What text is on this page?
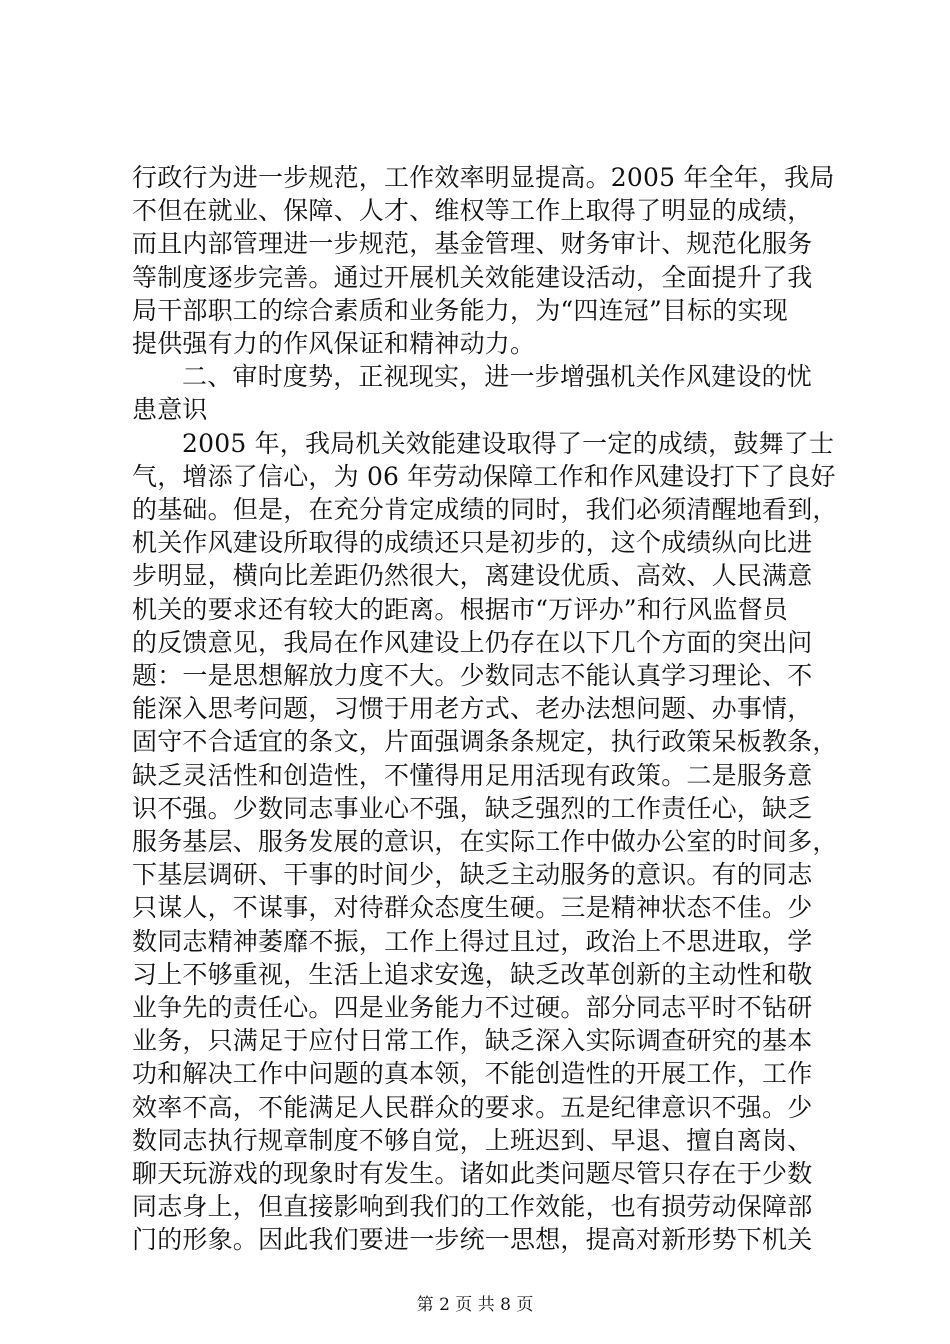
行政行为进一步规范，工作效率明显提高。2005 年全年，我局
不但在就业、保障、人才、维权等工作上取得了明显的成绩，
而且内部管理进一步规范，基金管理、财务审计、规范化服务
等制度逐步完善。通过开展机关效能建设活动，全面提升了我
局干部职工的综合素质和业务能力，为“四连冠”目标的实现
提供强有力的作风保证和精神动力。
二、审时度势，正视现实，进一步增强机关作风建设的忧
患意识
2005 年，我局机关效能建设取得了一定的成绩，鼓舞了士
气，增添了信心，为 06 年劳动保障工作和作风建设打下了良好
的基础。但是，在充分肯定成绩的同时，我们必须清醒地看到，
机关作风建设所取得的成绩还只是初步的，这个成绩纵向比进
步明显，横向比差距仍然很大，离建设优质、高效、人民满意
机关的要求还有较大的距离。根据市“万评办”和行风监督员
的反馈意见，我局在作风建设上仍存在以下几个方面的突出问
题：一是思想解放力度不大。少数同志不能认真学习理论、不
能深入思考问题，习惯于用老方式、老办法想问题、办事情，
固守不合适宜的条文，片面强调条条规定，执行政策呆板教条，
缺乏灵活性和创造性，不懂得用足用活现有政策。二是服务意
识不强。少数同志事业心不强，缺乏强烈的工作责任心，缺乏
服务基层、服务发展的意识，在实际工作中做办公室的时间多，
下基层调研、干事的时间少，缺乏主动服务的意识。有的同志
只谋人，不谋事，对待群众态度生硬。三是精神状态不佳。少
数同志精神萎靡不振，工作上得过且过，政治上不思进取，学
习上不够重视，生活上追求安逸，缺乏改革创新的主动性和敬
业争先的责任心。四是业务能力不过硬。部分同志平时不钻研
业务，只满足于应付日常工作，缺乏深入实际调查研究的基本
功和解决工作中问题的真本领，不能创造性的开展工作，工作
效率不高，不能满足人民群众的要求。五是纪律意识不强。少
数同志执行规章制度不够自觉，上班迟到、早退、擅自离岗、
聊天玩游戏的现象时有发生。诸如此类问题尽管只存在于少数
同志身上，但直接影响到我们的工作效能，也有损劳动保障部
门的形象。因此我们要进一步统一思想，提高对新形势下机关
第 2 页 共 8 页
